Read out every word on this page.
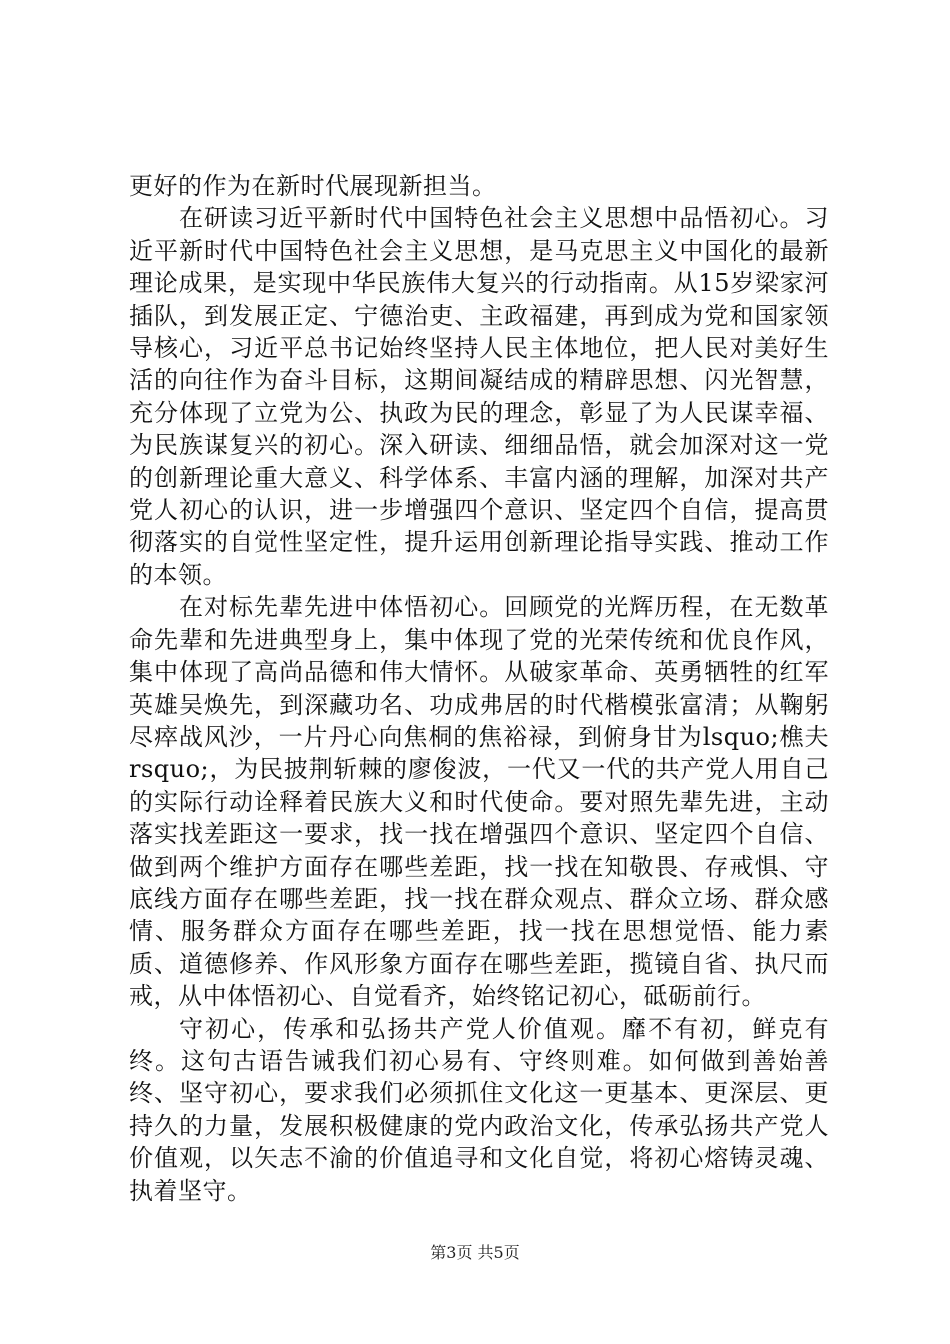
更好的作为在新时代展现新担当。

在研读习近平新时代中国特色社会主义思想中品悟初心。习近平新时代中国特色社会主义思想，是马克思主义中国化的最新理论成果，是实现中华民族伟大复兴的行动指南。从15岁梁家河插队，到发展正定、宁德治吏、主政福建，再到成为党和国家领导核心，习近平总书记始终坚持人民主体地位，把人民对美好生活的向往作为奋斗目标，这期间凝结成的精辟思想、闪光智慧，充分体现了立党为公、执政为民的理念，彰显了为人民谋幸福、为民族谋复兴的初心。深入研读、细细品悟，就会加深对这一党的创新理论重大意义、科学体系、丰富内涵的理解，加深对共产党人初心的认识，进一步增强四个意识、坚定四个自信，提高贯彻落实的自觉性坚定性，提升运用创新理论指导实践、推动工作的本领。

在对标先辈先进中体悟初心。回顾党的光辉历程，在无数革命先辈和先进典型身上，集中体现了党的光荣传统和优良作风，集中体现了高尚品德和伟大情怀。从破家革命、英勇牺牲的红军英雄吴焕先，到深藏功名、功成弗居的时代楷模张富清；从鞠躬尽瘁战风沙，一片丹心向焦桐的焦裕禄，到俯身甘为lsquo;樵夫rsquo;，为民披荆斩棘的廖俊波，一代又一代的共产党人用自己的实际行动诠释着民族大义和时代使命。要对照先辈先进，主动落实找差距这一要求，找一找在增强四个意识、坚定四个自信、做到两个维护方面存在哪些差距，找一找在知敬畏、存戒惧、守底线方面存在哪些差距，找一找在群众观点、群众立场、群众感情、服务群众方面存在哪些差距，找一找在思想觉悟、能力素质、道德修养、作风形象方面存在哪些差距，揽镜自省、执尺而戒，从中体悟初心、自觉看齐，始终铭记初心，砥砺前行。

守初心，传承和弘扬共产党人价值观。靡不有初，鲜克有终。这句古语告诫我们初心易有、守终则难。如何做到善始善终、坚守初心，要求我们必须抓住文化这一更基本、更深层、更持久的力量，发展积极健康的党内政治文化，传承弘扬共产党人价值观，以矢志不渝的价值追寻和文化自觉，将初心熔铸灵魂、执着坚守。

第3页 共5页
